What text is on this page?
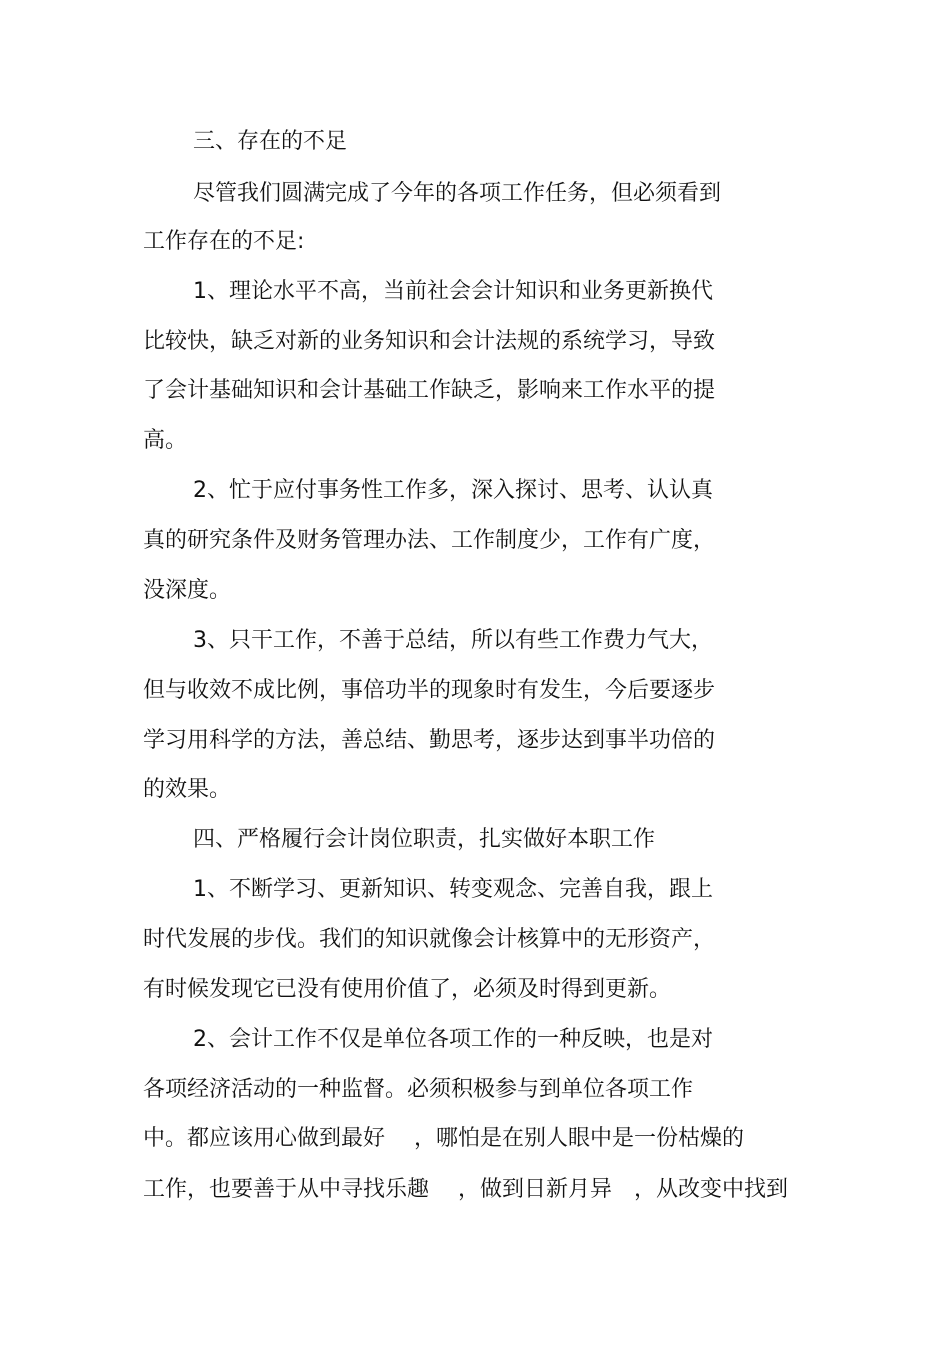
三、存在的不足
尽管我们圆满完成了今年的各项工作任务，但必须看到
工作存在的不足:
1、理论水平不高，当前社会会计知识和业务更新换代
比较快，缺乏对新的业务知识和会计法规的系统学习，导致
了会计基础知识和会计基础工作缺乏，影响来工作水平的提
高。
2、忙于应付事务性工作多，深入探讨、思考、认认真
真的研究条件及财务管理办法、工作制度少，工作有广度，
没深度。
3、只干工作，不善于总结，所以有些工作费力气大，
但与收效不成比例，事倍功半的现象时有发生，今后要逐步
学习用科学的方法，善总结、勤思考，逐步达到事半功倍的
的效果。
四、严格履行会计岗位职责，扎实做好本职工作
1、不断学习、更新知识、转变观念、完善自我，跟上
时代发展的步伐。我们的知识就像会计核算中的无形资产，
有时候发现它已没有使用价值了，必须及时得到更新。
2、会计工作不仅是单位各项工作的一种反映，也是对
各项经济活动的一种监督。必须积极参与到单位各项工作
中。都应该用心做到最好　 ，哪怕是在别人眼中是一份枯燥的
工作，也要善于从中寻找乐趣　 ，做到日新月异　，从改变中找到
